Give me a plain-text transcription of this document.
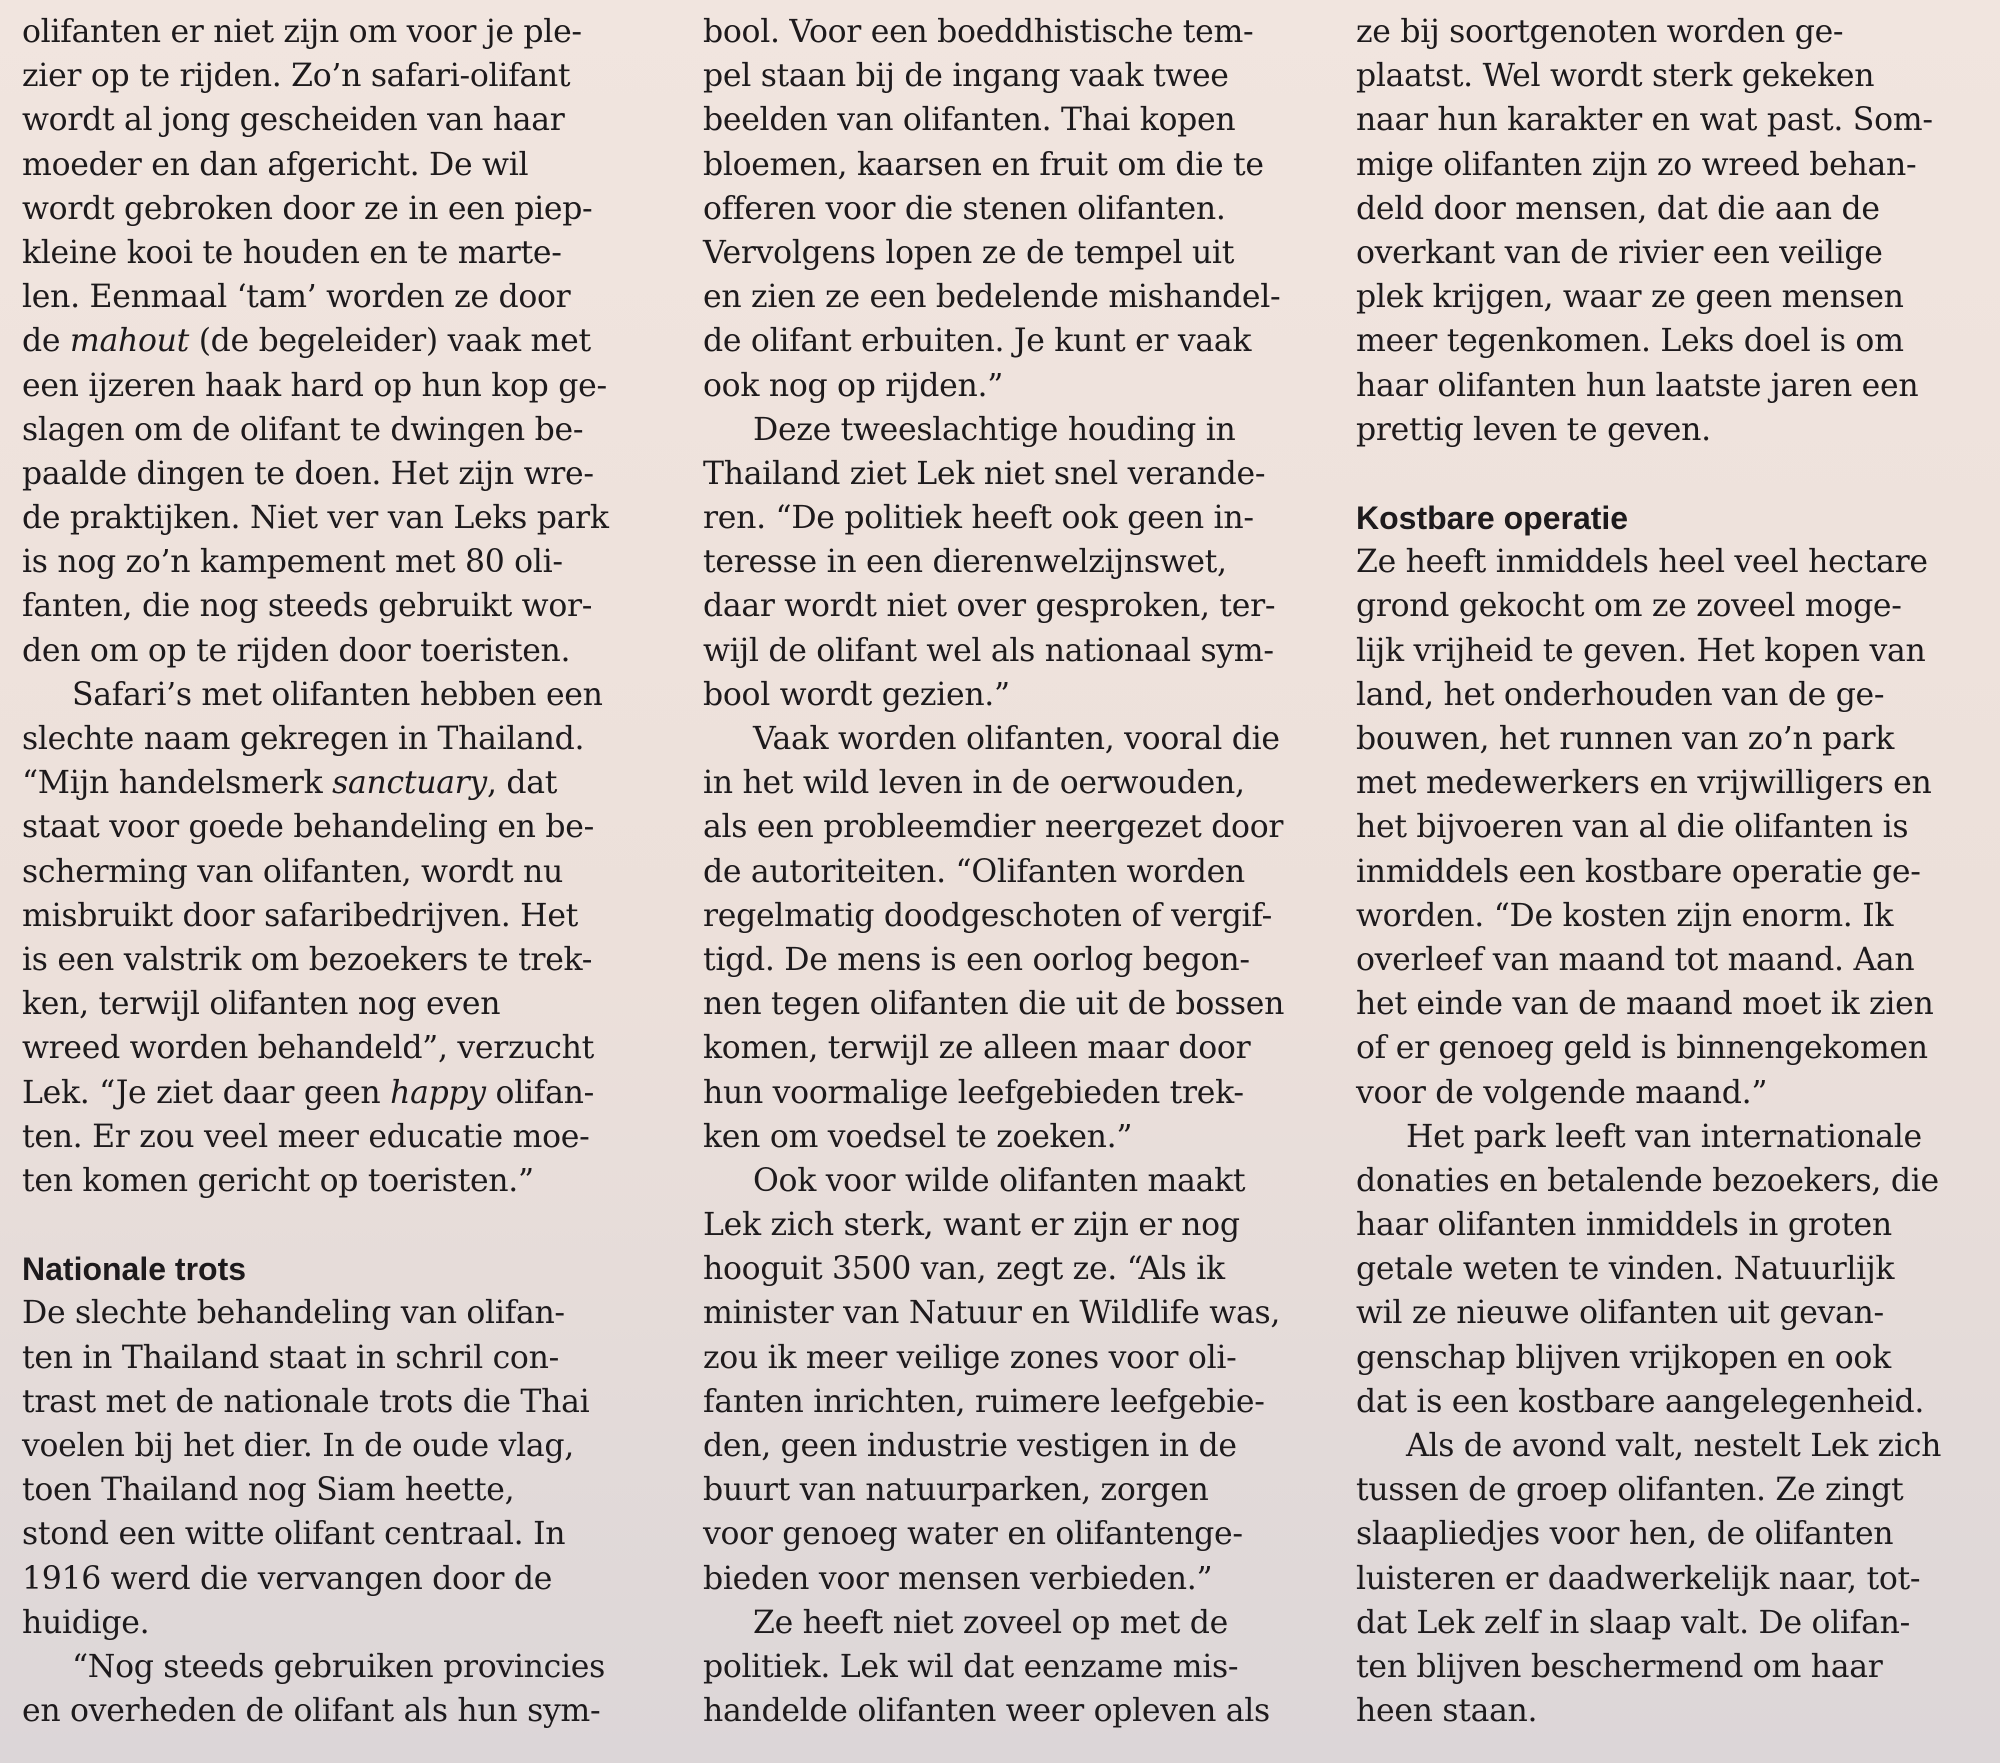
olifanten er niet zijn om voor je ple-
zier op te rijden. Zo’n safari-olifant
wordt al jong gescheiden van haar
moeder en dan afgericht. De wil
wordt gebroken door ze in een piep-
kleine kooi te houden en te marte-
len. Eenmaal ‘tam’ worden ze door
de mahout (de begeleider) vaak met
een ijzeren haak hard op hun kop ge-
slagen om de olifant te dwingen be-
paalde dingen te doen. Het zijn wre-
de praktijken. Niet ver van Leks park
is nog zo’n kampement met 80 oli-
fanten, die nog steeds gebruikt wor-
den om op te rijden door toeristen.
Safari’s met olifanten hebben een
slechte naam gekregen in Thailand.
“Mijn handelsmerk sanctuary, dat
staat voor goede behandeling en be-
scherming van olifanten, wordt nu
misbruikt door safaribedrijven. Het
is een valstrik om bezoekers te trek-
ken, terwijl olifanten nog even
wreed worden behandeld”, verzucht
Lek. “Je ziet daar geen happy olifan-
ten. Er zou veel meer educatie moe-
ten komen gericht op toeristen.”
Nationale trots
De slechte behandeling van olifan-
ten in Thailand staat in schril con-
trast met de nationale trots die Thai
voelen bij het dier. In de oude vlag,
toen Thailand nog Siam heette,
stond een witte olifant centraal. In
1916 werd die vervangen door de
huidige.
“Nog steeds gebruiken provincies
en overheden de olifant als hun sym-
bool. Voor een boeddhistische tem-
pel staan bij de ingang vaak twee
beelden van olifanten. Thai kopen
bloemen, kaarsen en fruit om die te
offeren voor die stenen olifanten.
Vervolgens lopen ze de tempel uit
en zien ze een bedelende mishandel-
de olifant erbuiten. Je kunt er vaak
ook nog op rijden.”
Deze tweeslachtige houding in
Thailand ziet Lek niet snel verande-
ren. “De politiek heeft ook geen in-
teresse in een dierenwelzijnswet,
daar wordt niet over gesproken, ter-
wijl de olifant wel als nationaal sym-
bool wordt gezien.”
Vaak worden olifanten, vooral die
in het wild leven in de oerwouden,
als een probleemdier neergezet door
de autoriteiten. “Olifanten worden
regelmatig doodgeschoten of vergif-
tigd. De mens is een oorlog begon-
nen tegen olifanten die uit de bossen
komen, terwijl ze alleen maar door
hun voormalige leefgebieden trek-
ken om voedsel te zoeken.”
Ook voor wilde olifanten maakt
Lek zich sterk, want er zijn er nog
hooguit 3500 van, zegt ze. “Als ik
minister van Natuur en Wildlife was,
zou ik meer veilige zones voor oli-
fanten inrichten, ruimere leefgebie-
den, geen industrie vestigen in de
buurt van natuurparken, zorgen
voor genoeg water en olifantenge-
bieden voor mensen verbieden.”
Ze heeft niet zoveel op met de
politiek. Lek wil dat eenzame mis-
handelde olifanten weer opleven als
ze bij soortgenoten worden ge-
plaatst. Wel wordt sterk gekeken
naar hun karakter en wat past. Som-
mige olifanten zijn zo wreed behan-
deld door mensen, dat die aan de
overkant van de rivier een veilige
plek krijgen, waar ze geen mensen
meer tegenkomen. Leks doel is om
haar olifanten hun laatste jaren een
prettig leven te geven.
Kostbare operatie
Ze heeft inmiddels heel veel hectare
grond gekocht om ze zoveel moge-
lijk vrijheid te geven. Het kopen van
land, het onderhouden van de ge-
bouwen, het runnen van zo’n park
met medewerkers en vrijwilligers en
het bijvoeren van al die olifanten is
inmiddels een kostbare operatie ge-
worden. “De kosten zijn enorm. Ik
overleef van maand tot maand. Aan
het einde van de maand moet ik zien
of er genoeg geld is binnengekomen
voor de volgende maand.”
Het park leeft van internationale
donaties en betalende bezoekers, die
haar olifanten inmiddels in groten
getale weten te vinden. Natuurlijk
wil ze nieuwe olifanten uit gevan-
genschap blijven vrijkopen en ook
dat is een kostbare aangelegenheid.
Als de avond valt, nestelt Lek zich
tussen de groep olifanten. Ze zingt
slaapliedjes voor hen, de olifanten
luisteren er daadwerkelijk naar, tot-
dat Lek zelf in slaap valt. De olifan-
ten blijven beschermend om haar
heen staan.
